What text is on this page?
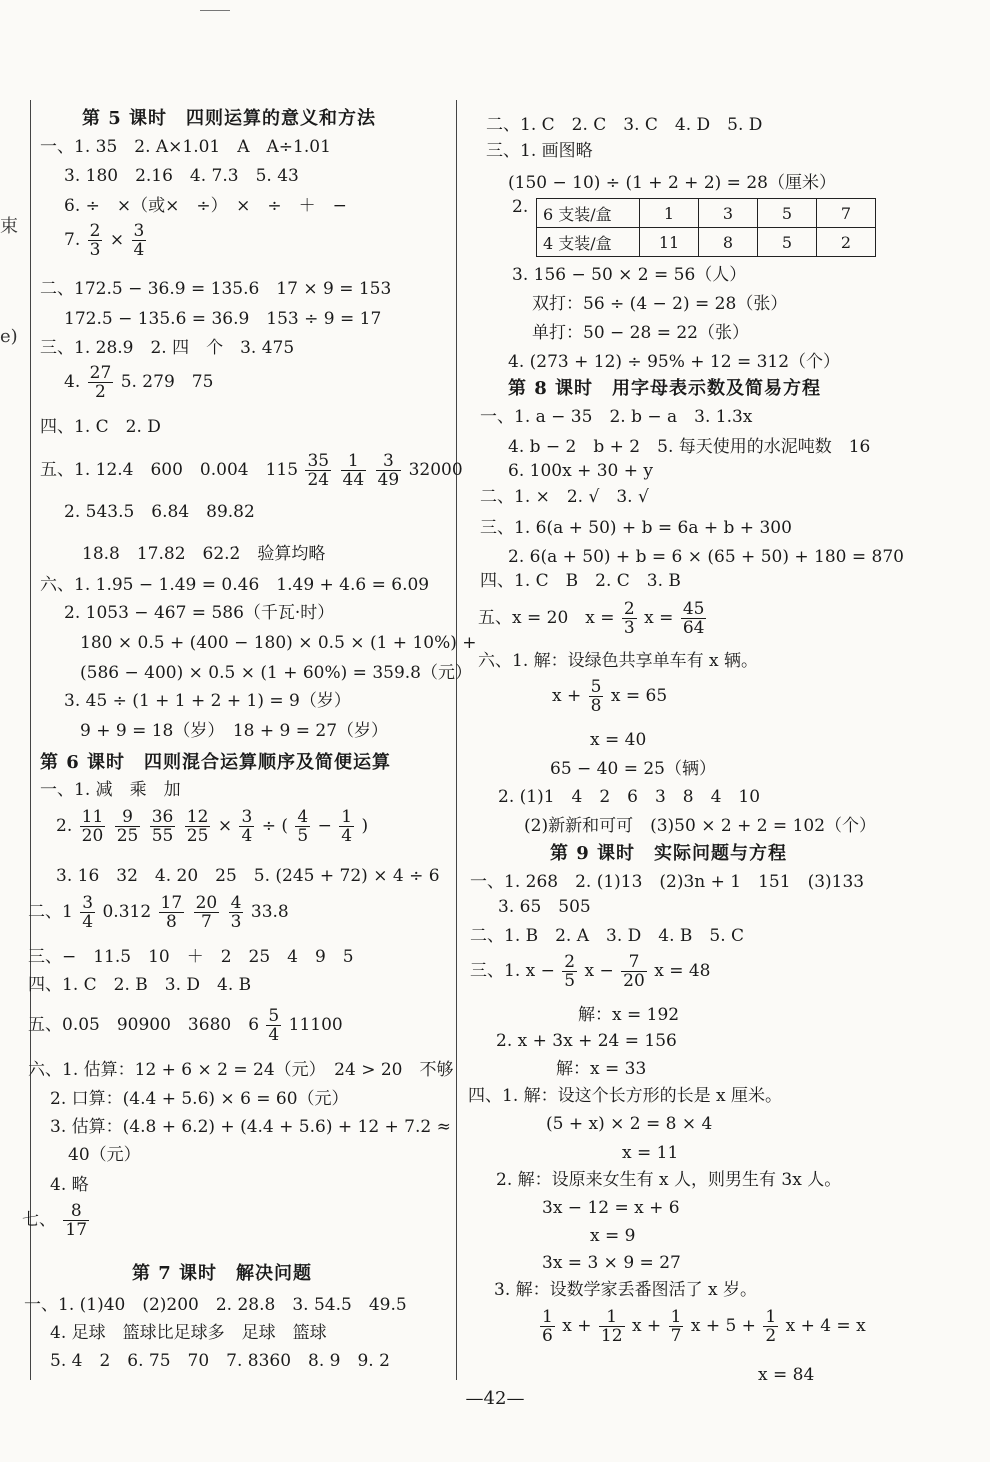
束
e)
第 5 课时　四则运算的意义和方法
一、1. 35　2. A×1.01　A　A÷1.01
3. 180　2.16　4. 7.3　5. 43
6. ÷　×（或×　÷）　×　÷　＋　−
7. $\frac{2}{3} \times \frac{3}{4}$
二、172.5 − 36.9 = 135.6　17 × 9 = 153
172.5 − 135.6 = 36.9　153 ÷ 9 = 17
三、1. 28.9　2. 四　个　3. 475
4. $\frac{27}{2} 5$. 279　75
四、1. C　2. D
五、1. 12.4　600　0.004　$115 \frac{35}{24}$
$\frac{1}{44}$
$\frac{3}{49} 32000$
2. 543.5　6.84　89.82
18.8　17.82　62.2̇　验算均略
六、1. 1.95 − 1.49 = 0.46　1.49 + 4.6 = 6.09
2. 1053 − 467 = 586（千瓦·时）
180 × 0.5 + (400 − 180) × 0.5 × (1 + 10%) +
(586 − 400) × 0.5 × (1 + 60%) = 359.8（元）
3. 45 ÷ (1 + 1 + 2 + 1) = 9（岁）
9 + 9 = 18（岁）　18 + 9 = 27（岁）
第 6 课时　四则混合运算顺序及简便运算
一、1. 减　乘　加
2. $\frac{11}{20}$
$\frac{9}{25}$
$\frac{36}{55}$
$\frac{12}{25} \times \frac{3}{4}$ ÷ ( $\frac{4}{5} - \frac{1}{4}$ )
3. 16　32　4. 20　25　5. (245 + 72) × 4 ÷ 6
二、$1 \frac{3}{4} 0.312 \frac{17}{8}$
$\frac{20}{7}$
$\frac{4}{3} 33.8$
三、−　11.5　10　＋　2　25　4　9　5
四、1. C　2. B　3. D　4. B
五、0.05　90900　3680　$6 \frac{5}{4} 11100$
六、1. 估算：12 + 6 × 2 = 24（元）　24 > 20　不够
2. 口算：(4.4 + 5.6) × 6 = 60（元）
3. 估算：(4.8 + 6.2) + (4.4 + 5.6) + 12 + 7.2 ≈
40（元）
4. 略
七、 $\frac{8}{17}$
第 7 课时　解决问题
一、1. (1)40　(2)200　2. 28.8　3. 54.5　49.5
4. 足球　篮球比足球多　足球　篮球
5. 4　2　6. 75　70　7. 8360　8. 9　9. 2
二、1. C　2. C　3. C　4. D　5. D
三、1. 画图略
(150 − 10) ÷ (1 + 2 + 2) = 28（厘米）
2. 6 支装/盒	1	3	5	7
4 支装/盒	11	8	5	2
3. 156 − 50 × 2 = 56（人）
双打：56 ÷ (4 − 2) = 28（张）
单打：50 − 28 = 22（张）
4. (273 + 12) ÷ 95% + 12 = 312（个）
第 8 课时　用字母表示数及简易方程
一、1. a − 35　2. b − a　3. 1.3x
4. b − 2　b + 2　5. 每天使用的水泥吨数　16
6. 100x + 30 + y
二、1. ×　2. √　3. √
三、1. 6(a + 50) + b = 6a + b + 300
2. 6(a + 50) + b = 6 × (65 + 50) + 180 = 870
四、1. C　B　2. C　3. B
五、x = 20　$x = \frac{2}{3}$ $x = \frac{45}{64}$
六、1. 解：设绿色共享单车有 x 辆。
$x + \frac{5}{8}$ x = 65
x = 40
65 − 40 = 25（辆）
2. (1)1　4　2　6　3　8　4　10
(2)新新和可可　(3)50 × 2 + 2 = 102（个）
第 9 课时　实际问题与方程
一、1. 268　2. (1)13　(2)3n + 1　151　(3)133
3. 65　505
二、1. B　2. A　3. D　4. B　5. C
三、1. $x - \frac{2}{5}$ $x - \frac{7}{20}$ x = 48
解：x = 192
2. x + 3x + 24 = 156
解：x = 33
四、1. 解：设这个长方形的长是 x 厘米。
(5 + x) × 2 = 8 × 4
x = 11
2. 解：设原来女生有 x 人，则男生有 3x 人。
3x − 12 = x + 6
x = 9
3x = 3 × 9 = 27
3. 解：设数学家丢番图活了 x 岁。
$\frac{1}{6}$ $x + \frac{1}{12}$ $x + \frac{1}{7}$ $x + 5 + \frac{1}{2}$ x + 4 = x
x = 84
—42—
